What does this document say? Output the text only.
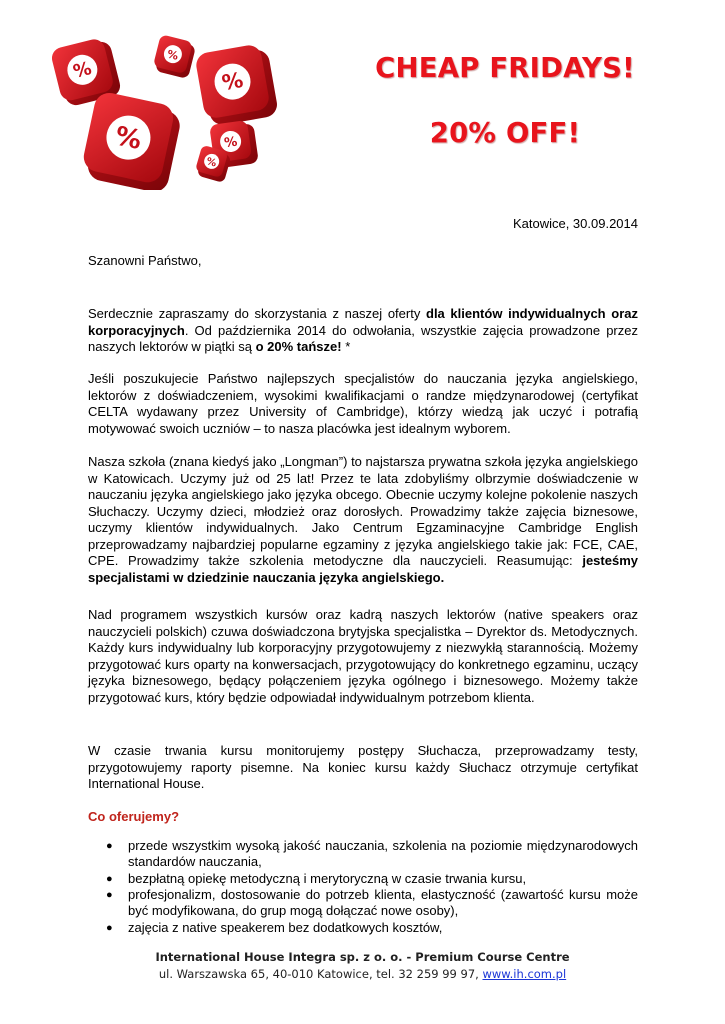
%
%
%
%	%
%
CHEAP FRIDAYS!
20% OFF!
Katowice, 30.09.2014
Szanowni Państwo,

Serdecznie zapraszamy do skorzystania z naszej oferty dla klientów indywidualnych oraz korporacyjnych. Od października 2014 do odwołania, wszystkie zajęcia prowadzone przez naszych lektorów w piątki są o 20% tańsze! *

Jeśli poszukujecie Państwo najlepszych specjalistów do nauczania języka angielskiego, lektorów z doświadczeniem, wysokimi kwalifikacjami o randze międzynarodowej (certyfikat CELTA wydawany przez University of Cambridge), którzy wiedzą jak uczyć i potrafią motywować swoich uczniów – to nasza placówka jest idealnym wyborem.

Nasza szkoła (znana kiedyś jako „Longman”) to najstarsza prywatna szkoła języka angielskiego w Katowicach. Uczymy już od 25 lat! Przez te lata zdobyliśmy olbrzymie doświadczenie w nauczaniu języka angielskiego jako języka obcego. Obecnie uczymy kolejne pokolenie naszych Słuchaczy. Uczymy dzieci, młodzież oraz dorosłych. Prowadzimy także zajęcia biznesowe, uczymy klientów indywidualnych. Jako Centrum Egzaminacyjne Cambridge English przeprowadzamy najbardziej popularne egzaminy z języka angielskiego takie jak: FCE, CAE, CPE. Prowadzimy także szkolenia metodyczne dla nauczycieli. Reasumując: jesteśmy specjalistami w dziedzinie nauczania języka angielskiego.

Nad programem wszystkich kursów oraz kadrą naszych lektorów (native speakers oraz nauczycieli polskich) czuwa doświadczona brytyjska specjalistka – Dyrektor ds. Metodycznych. Każdy kurs indywidualny lub korporacyjny przygotowujemy z niezwykłą starannością. Możemy przygotować kurs oparty na konwersacjach, przygotowujący do konkretnego egzaminu, uczący języka biznesowego, będący połączeniem języka ogólnego i biznesowego. Możemy także przygotować kurs, który będzie odpowiadał indywidualnym potrzebom klienta.

W czasie trwania kursu monitorujemy postępy Słuchacza, przeprowadzamy testy, przygotowujemy raporty pisemne. Na koniec kursu każdy Słuchacz otrzymuje certyfikat International House.

Co oferujemy?
● przede wszystkim wysoką jakość nauczania, szkolenia na poziomie międzynarodowych standardów nauczania,
● bezpłatną opiekę metodyczną i merytoryczną w czasie trwania kursu,
● profesjonalizm, dostosowanie do potrzeb klienta, elastyczność (zawartość kursu może być modyfikowana, do grup mogą dołączać nowe osoby),
● zajęcia z native speakerem bez dodatkowych kosztów,
International House Integra sp. z o. o. - Premium Course Centre
ul. Warszawska 65, 40-010 Katowice, tel. 32 259 99 97, www.ih.com.pl
